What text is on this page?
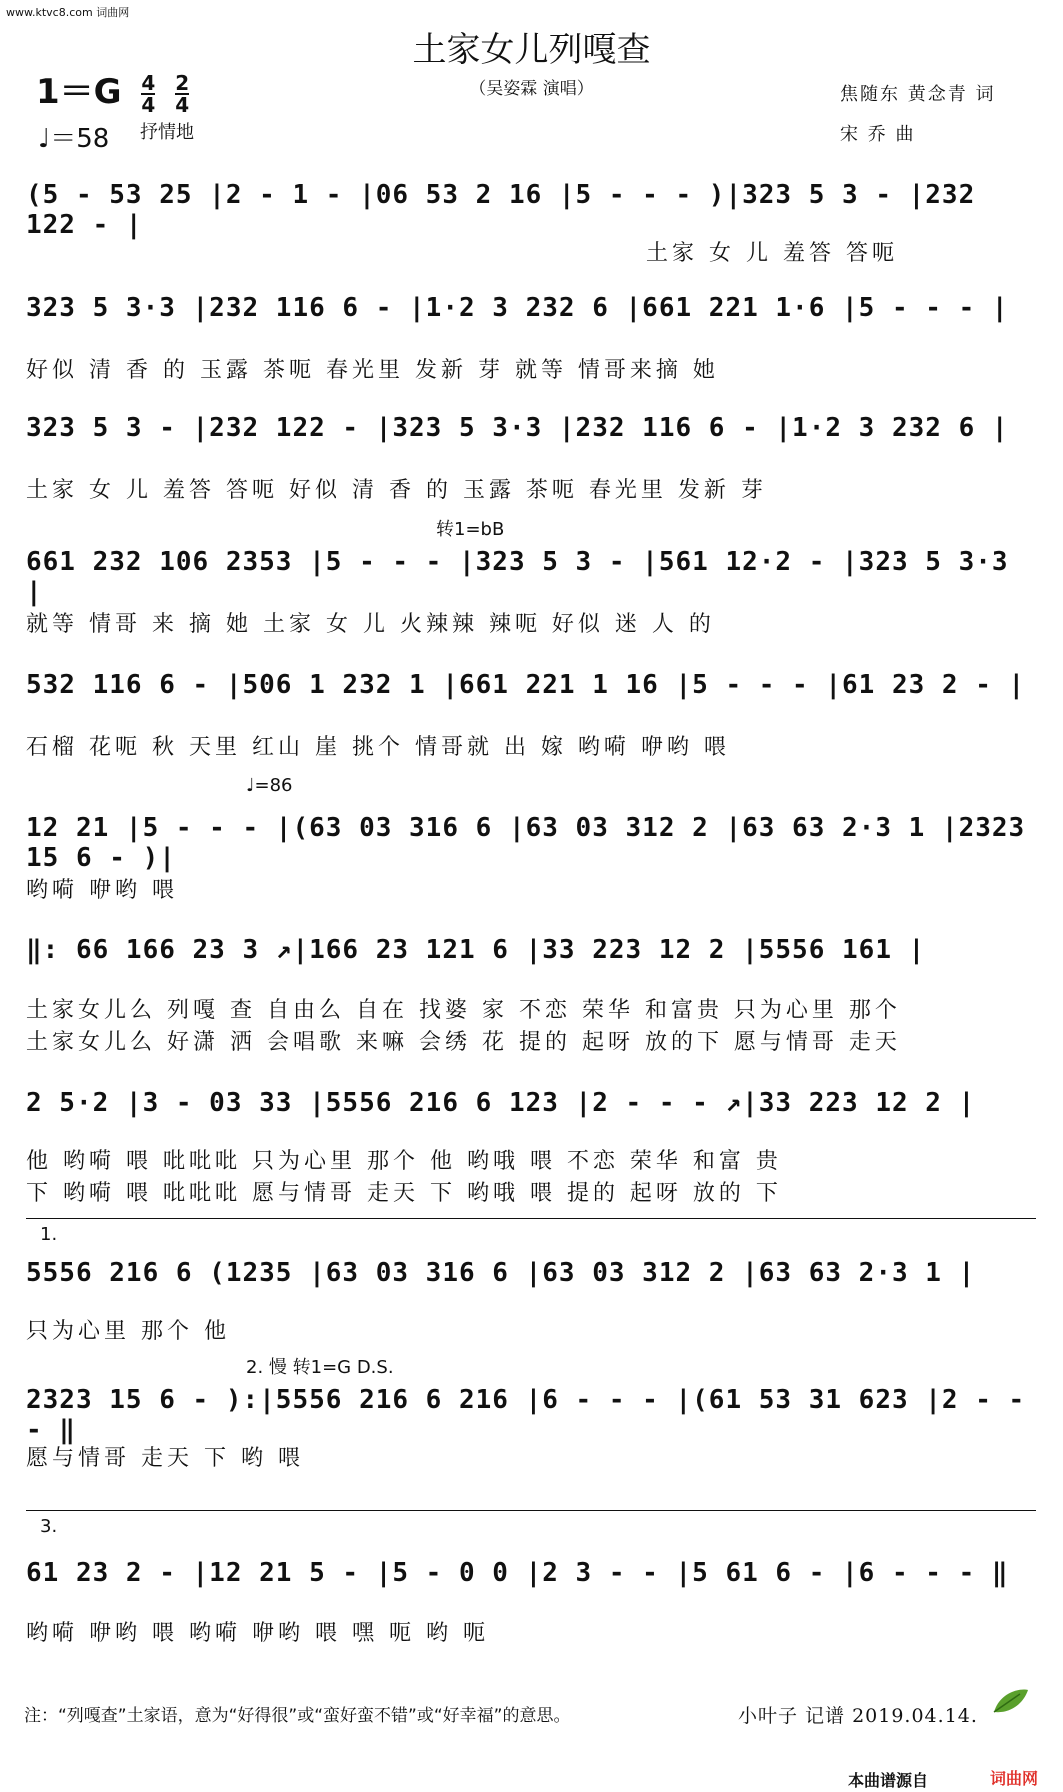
www.ktvc8.com 词曲网
土家女儿列嘎查
（吴姿霖 演唱）
$1=G \frac{4}{4}$
$\frac{2}{4}$
♩＝58 抒情地
焦随东 黄念青 词
宋 乔 曲
(5 - 53 25 |2 - 1 - |06 53 2 16 |5 - - - )|323 5 3 - |232 122 - |
土家 女 儿 羞答 答呃
323 5 3·3 |232 116 6 - |1·2 3 232 6 |661 221 1·6 |5 - - - |
好似 清 香 的 玉露 茶呃 春光里 发新 芽 就等 情哥来摘 她
323 5 3 - |232 122 - |323 5 3·3 |232 116 6 - |1·2 3 232 6 |
土家 女 儿 羞答 答呃 好似 清 香 的 玉露 茶呃 春光里 发新 芽
转1=bB
661 232 106 2353 |5 - - - |323 5 3 - |561 12·2 - |323 5 3·3 |
就等 情哥 来 摘 她 土家 女 儿 火辣辣 辣呃 好似 迷 人 的
532 116 6 - |506 1 232 1 |661 221 1 16 |5 - - - |61 23 2 - |
石榴 花呃 秋 天里 红山 崖 挑个 情哥就 出 嫁 哟嗬 咿哟 喂
♩=86
12 21 |5 - - - |(63 03 316 6 |63 03 312 2 |63 63 2·3 1 |2323 15 6 - )|
哟嗬 咿哟 喂
‖: 66 166 23 3 ↗|166 23 121 6 |33 223 12 2 |5556 161 |
土家女儿么 列嘎 查 自由么 自在 找婆 家 不恋 荣华 和富贵 只为心里 那个
土家女儿么 好潇 洒 会唱歌 来嘛 会绣 花 提的 起呀 放的下 愿与情哥 走天
2 5·2 |3 - 03 33 |5556 216 6 123 |2 - - - ↗|33 223 12 2 |
他 哟嗬 喂 吡吡吡 只为心里 那个 他 哟哦 喂 不恋 荣华 和富 贵
下 哟嗬 喂 吡吡吡 愿与情哥 走天 下 哟哦 喂 提的 起呀 放的 下
1.
5556 216 6 (1235 |63 03 316 6 |63 03 312 2 |63 63 2·3 1 |
只为心里 那个 他
2. 慢 转1=G D.S.
2323 15 6 - ):|5556 216 6 216 |6 - - - |(61 53 31 623 |2 - - - ‖
愿与情哥 走天 下 哟 喂
3.
61 23 2 - |12 21 5 - |5 - 0 0 |2 3 - - |5 61 6 - |6 - - - ‖
哟嗬 咿哟 喂 哟嗬 咿哟 喂 嘿 呃 哟 呃
注：“列嘎查”土家语，意为“好得很”或“蛮好蛮不错”或“好幸福”的意思。	小叶子 记谱 2019.04.14.
本曲谱源自	词曲网
